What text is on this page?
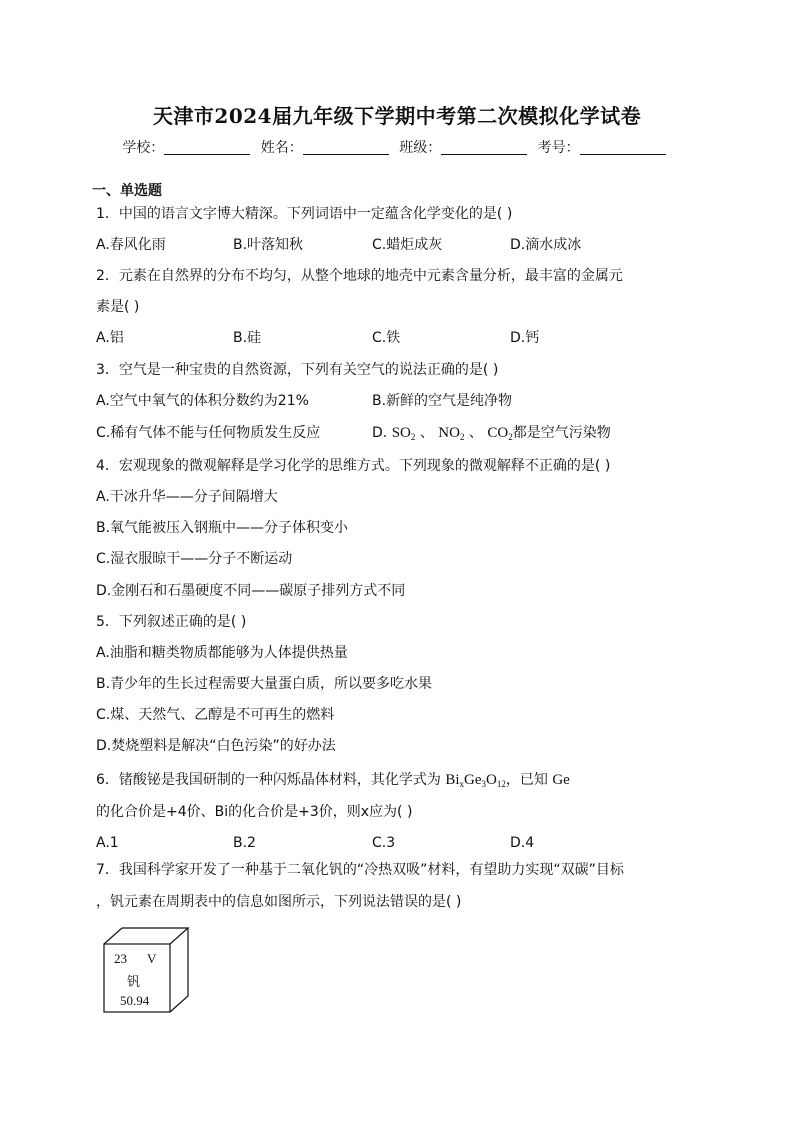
天津市2024届九年级下学期中考第二次模拟化学试卷
学校：	姓名：	班级：	考号：
一、单选题
1．中国的语言文字博大精深。下列词语中一定蕴含化学变化的是( )
A.春风化雨	B.叶落知秋	C.蜡炬成灰	D.滴水成冰
2．元素在自然界的分布不均匀，从整个地球的地壳中元素含量分析，最丰富的金属元
素是( )
A.铝	B.硅	C.铁	D.钙
3．空气是一种宝贵的自然资源，下列有关空气的说法正确的是( )
A.空气中氧气的体积分数约为21%	B.新鲜的空气是纯净物
C.稀有气体不能与任何物质发生反应	D. $SO_2$ 、 $NO_2$ 、 $CO_2$都是空气污染物
4．宏观现象的微观解释是学习化学的思维方式。下列现象的微观解释不正确的是( )
A.干冰升华——分子间隔增大
B.氧气能被压入钢瓶中——分子体积变小
C.湿衣服晾干——分子不断运动
D.金刚石和石墨硬度不同——碳原子排列方式不同
5．下列叙述正确的是( )
A.油脂和糖类物质都能够为人体提供热量
B.青少年的生长过程需要大量蛋白质，所以要多吃水果
C.煤、天然气、乙醇是不可再生的燃料
D.焚烧塑料是解决“白色污染”的好办法
6．锗酸铋是我国研制的一种闪烁晶体材料，其化学式为 $Bi_xGe_3O_{12}$，已知 Ge
的化合价是+4价、Bi的化合价是+3价，则x应为( )
A.1	B.2	C.3	D.4
7．我国科学家开发了一种基于二氧化钒的“冷热双吸”材料，有望助力实现“双碳”目标
，钒元素在周期表中的信息如图所示，下列说法错误的是( )
23 V
钒
50.94
